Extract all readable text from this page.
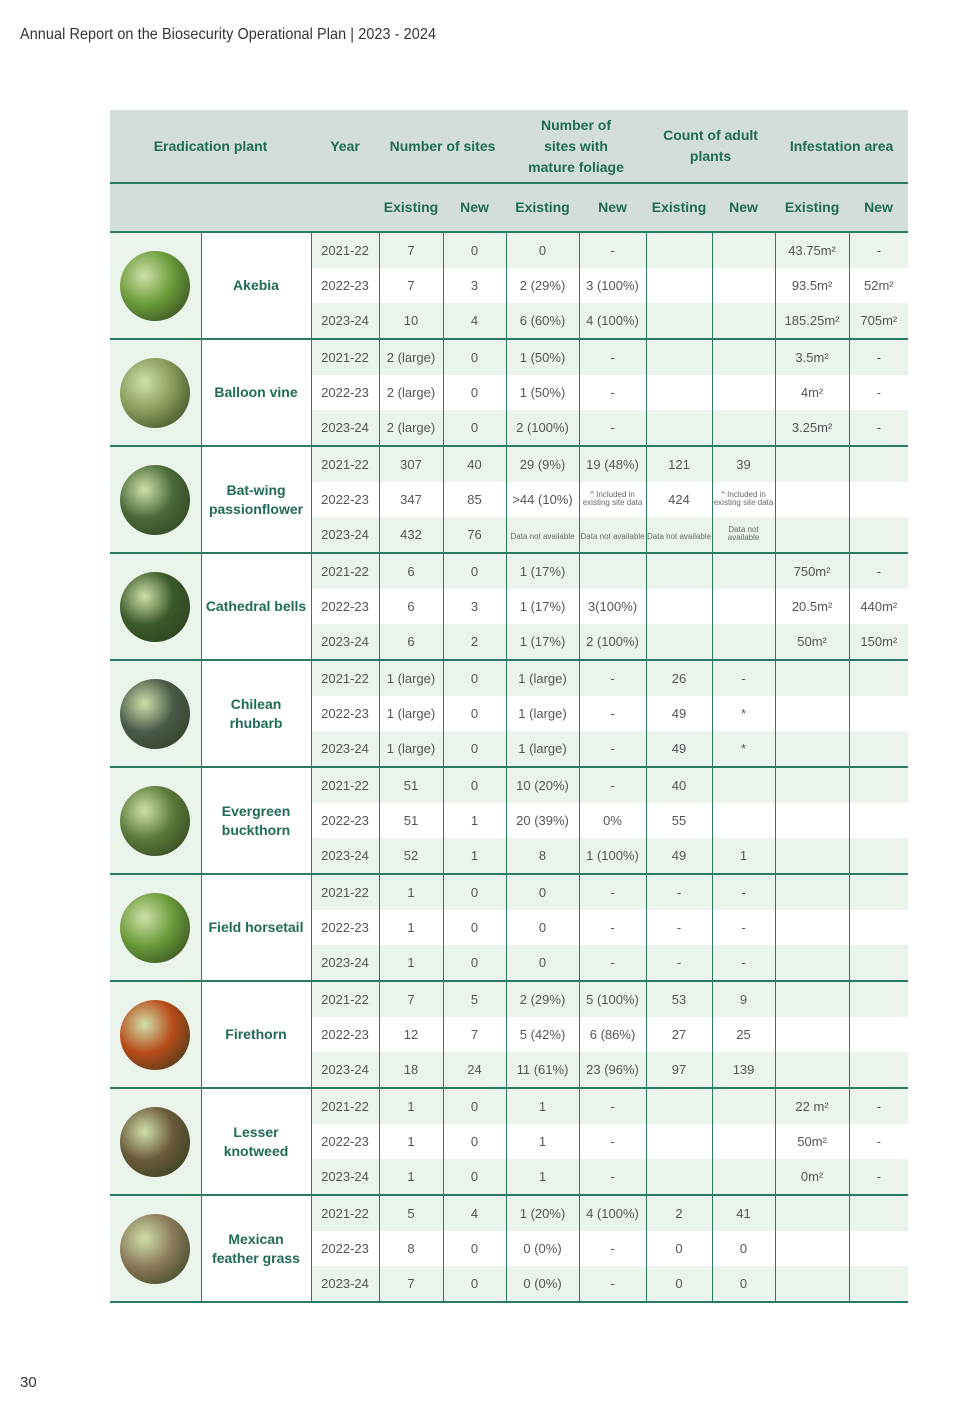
Annual Report on the Biosecurity Operational Plan | 2023 - 2024
Eradication plant		Year	Number of sites		Number of sites with mature foliage		Count of adult plants		Infestation area	
			Existing	New	Existing	New	Existing	New	Existing	New

	Akebia	2021-22	7	0	0	-			43.75m²	-
		2022-23	7	3	2 (29%)	3 (100%)			93.5m²	52m²
		2023-24	10	4	6 (60%)	4 (100%)			185.25m²	705m²

	Balloon vine	2021-22	2 (large)	0	1 (50%)	-			3.5m²	-
		2022-23	2 (large)	0	1 (50%)	-			4m²	-
		2023-24	2 (large)	0	2 (100%)	-			3.25m²	-

	Bat-wing passionflower	2021-22	307	40	29 (9%)	19 (48%)	121	39		
		2022-23	347	85	>44 (10%)	^ Included in existing site data	424	^ Included in existing site data		
		2023-24	432	76	Data not available	Data not available	Data not available	Data not available		

	Cathedral bells	2021-22	6	0	1 (17%)				750m²	-
		2022-23	6	3	1 (17%)	3(100%)			20.5m²	440m²
		2023-24	6	2	1 (17%)	2 (100%)			50m²	150m²

	Chilean rhubarb	2021-22	1 (large)	0	1 (large)	-	26	-		
		2022-23	1 (large)	0	1 (large)	-	49	*		
		2023-24	1 (large)	0	1 (large)	-	49	*		

	Evergreen buckthorn	2021-22	51	0	10 (20%)	-	40			
		2022-23	51	1	20 (39%)	0%	55			
		2023-24	52	1	8	1 (100%)	49	1		

	Field horsetail	2021-22	1	0	0	-	-	-		
		2022-23	1	0	0	-	-	-		
		2023-24	1	0	0	-	-	-		

	Firethorn	2021-22	7	5	2 (29%)	5 (100%)	53	9		
		2022-23	12	7	5 (42%)	6 (86%)	27	25		
		2023-24	18	24	11 (61%)	23 (96%)	97	139		

	Lesser knotweed	2021-22	1	0	1	-			22 m²	-
		2022-23	1	0	1	-			50m²	-
		2023-24	1	0	1	-			0m²	-

	Mexican feather grass	2021-22	5	4	1 (20%)	4 (100%)	2	41		
		2022-23	8	0	0 (0%)	-	0	0		
		2023-24	7	0	0 (0%)	-	0	0		
30
